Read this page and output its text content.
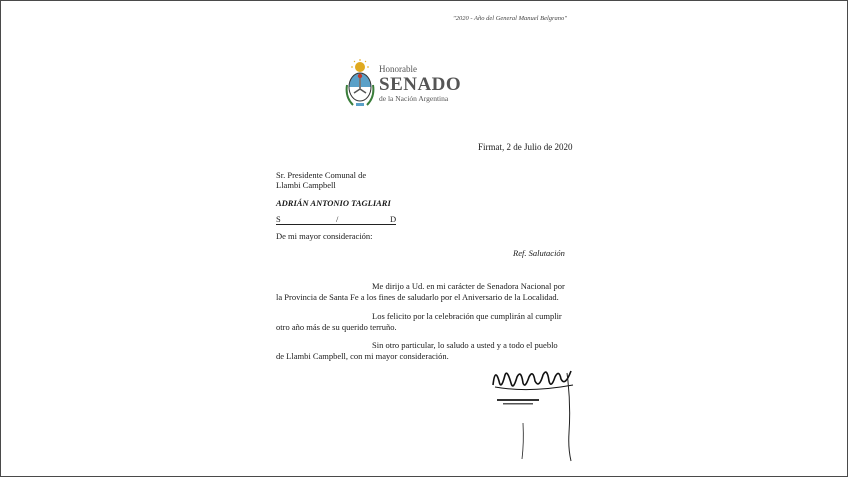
"2020 - Año del General Manuel Belgrano"
Honorable
SENADO
de la Nación Argentina
Firmat, 2 de Julio de 2020
Sr. Presidente Comunal de
Llambi Campbell
ADRIÁN ANTONIO TAGLIARI
S	/	D
De mi mayor consideración:
Ref. Salutación
Me dirijo a Ud. en mi carácter de Senadora Nacional por
la Provincia de Santa Fe a los fines de saludarlo por el Aniversario de la Localidad.
Los felicito por la celebración que cumplirán al cumplir
otro año más de su querido terruño.
Sin otro particular, lo saludo a usted y a todo el pueblo
de Llambi Campbell, con mi mayor consideración.
